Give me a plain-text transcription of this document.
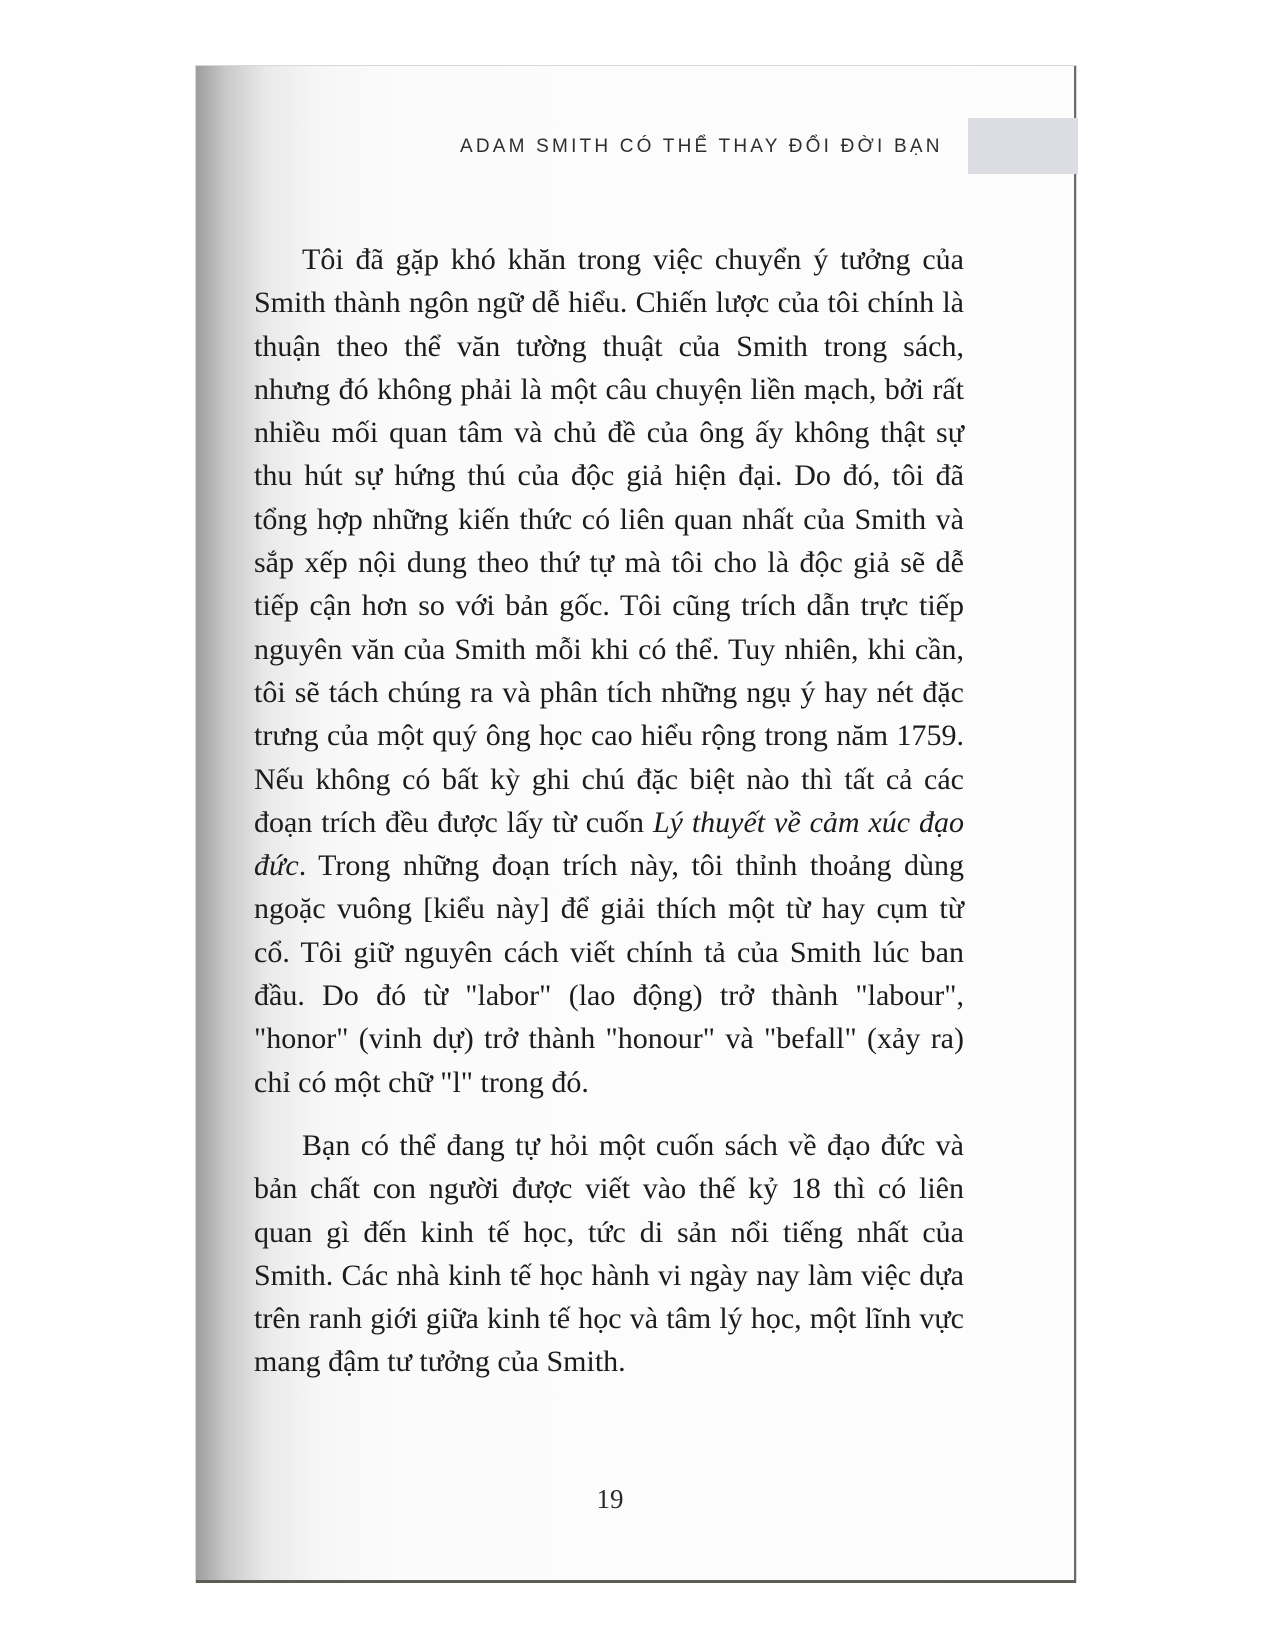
ADAM SMITH CÓ THỂ THAY ĐỔI ĐỜI BẠN

Tôi đã gặp khó khăn trong việc chuyển ý tưởng của Smith thành ngôn ngữ dễ hiểu. Chiến lược của tôi chính là thuận theo thể văn tường thuật của Smith trong sách, nhưng đó không phải là một câu chuyện liền mạch, bởi rất nhiều mối quan tâm và chủ đề của ông ấy không thật sự thu hút sự hứng thú của độc giả hiện đại. Do đó, tôi đã tổng hợp những kiến thức có liên quan nhất của Smith và sắp xếp nội dung theo thứ tự mà tôi cho là độc giả sẽ dễ tiếp cận hơn so với bản gốc. Tôi cũng trích dẫn trực tiếp nguyên văn của Smith mỗi khi có thể. Tuy nhiên, khi cần, tôi sẽ tách chúng ra và phân tích những ngụ ý hay nét đặc trưng của một quý ông học cao hiểu rộng trong năm 1759. Nếu không có bất kỳ ghi chú đặc biệt nào thì tất cả các đoạn trích đều được lấy từ cuốn Lý thuyết về cảm xúc đạo đức. Trong những đoạn trích này, tôi thỉnh thoảng dùng ngoặc vuông [kiểu này] để giải thích một từ hay cụm từ cổ. Tôi giữ nguyên cách viết chính tả của Smith lúc ban đầu. Do đó từ "labor" (lao động) trở thành "labour", "honor" (vinh dự) trở thành "honour" và "befall" (xảy ra) chỉ có một chữ "l" trong đó.

Bạn có thể đang tự hỏi một cuốn sách về đạo đức và bản chất con người được viết vào thế kỷ 18 thì có liên quan gì đến kinh tế học, tức di sản nổi tiếng nhất của Smith. Các nhà kinh tế học hành vi ngày nay làm việc dựa trên ranh giới giữa kinh tế học và tâm lý học, một lĩnh vực mang đậm tư tưởng của Smith.

19
